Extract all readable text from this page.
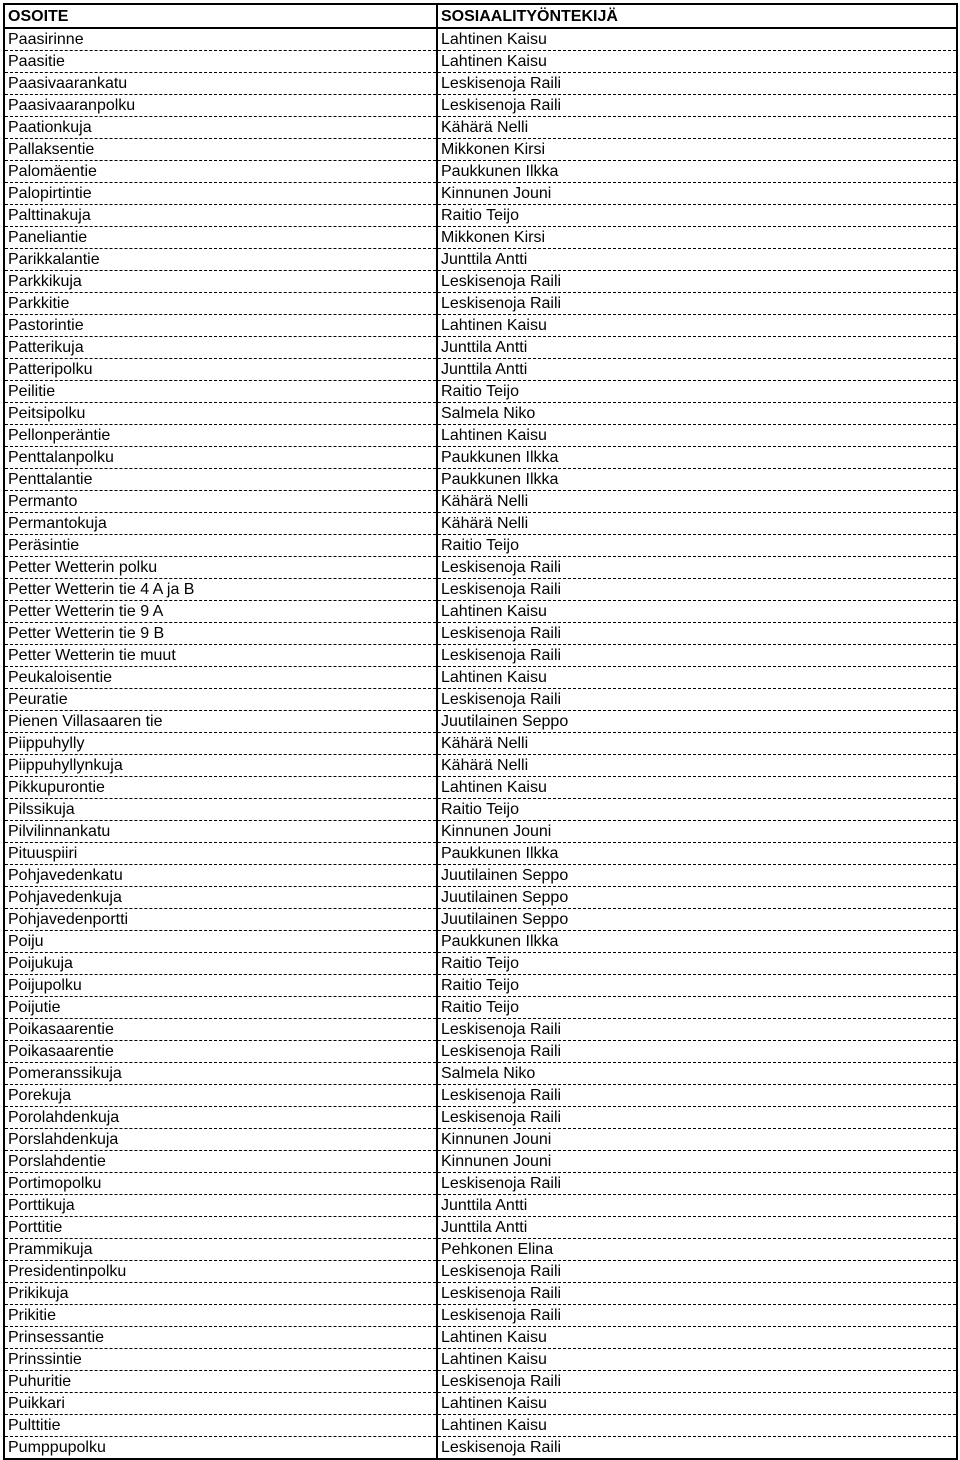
OSOITE	SOSIAALITYÖNTEKIJÄ
Paasirinne	Lahtinen Kaisu
Paasitie	Lahtinen Kaisu
Paasivaarankatu	Leskisenoja Raili
Paasivaaranpolku	Leskisenoja Raili
Paationkuja	Kähärä Nelli
Pallaksentie	Mikkonen Kirsi
Palomäentie	Paukkunen Ilkka
Palopirtintie	Kinnunen Jouni
Palttinakuja	Raitio Teijo
Paneliantie	Mikkonen Kirsi
Parikkalantie	Junttila Antti
Parkkikuja	Leskisenoja Raili
Parkkitie	Leskisenoja Raili
Pastorintie	Lahtinen Kaisu
Patterikuja	Junttila Antti
Patteripolku	Junttila Antti
Peilitie	Raitio Teijo
Peitsipolku	Salmela Niko
Pellonperäntie	Lahtinen Kaisu
Penttalanpolku	Paukkunen Ilkka
Penttalantie	Paukkunen Ilkka
Permanto	Kähärä Nelli
Permantokuja	Kähärä Nelli
Peräsintie	Raitio Teijo
Petter Wetterin polku	Leskisenoja Raili
Petter Wetterin tie 4 A ja B	Leskisenoja Raili
Petter Wetterin tie 9 A	Lahtinen Kaisu
Petter Wetterin tie 9 B	Leskisenoja Raili
Petter Wetterin tie muut	Leskisenoja Raili
Peukaloisentie	Lahtinen Kaisu
Peuratie	Leskisenoja Raili
Pienen Villasaaren tie	Juutilainen Seppo
Piippuhylly	Kähärä Nelli
Piippuhyllynkuja	Kähärä Nelli
Pikkupurontie	Lahtinen Kaisu
Pilssikuja	Raitio Teijo
Pilvilinnankatu	Kinnunen Jouni
Pituuspiiri	Paukkunen Ilkka
Pohjavedenkatu	Juutilainen Seppo
Pohjavedenkuja	Juutilainen Seppo
Pohjavedenportti	Juutilainen Seppo
Poiju	Paukkunen Ilkka
Poijukuja	Raitio Teijo
Poijupolku	Raitio Teijo
Poijutie	Raitio Teijo
Poikasaarentie	Leskisenoja Raili
Poikasaarentie	Leskisenoja Raili
Pomeranssikuja	Salmela Niko
Porekuja	Leskisenoja Raili
Porolahdenkuja	Leskisenoja Raili
Porslahdenkuja	Kinnunen Jouni
Porslahdentie	Kinnunen Jouni
Portimopolku	Leskisenoja Raili
Porttikuja	Junttila Antti
Porttitie	Junttila Antti
Prammikuja	Pehkonen Elina
Presidentinpolku	Leskisenoja Raili
Prikikuja	Leskisenoja Raili
Prikitie	Leskisenoja Raili
Prinsessantie	Lahtinen Kaisu
Prinssintie	Lahtinen Kaisu
Puhuritie	Leskisenoja Raili
Puikkari	Lahtinen Kaisu
Pulttitie	Lahtinen Kaisu
Pumppupolku	Leskisenoja Raili
